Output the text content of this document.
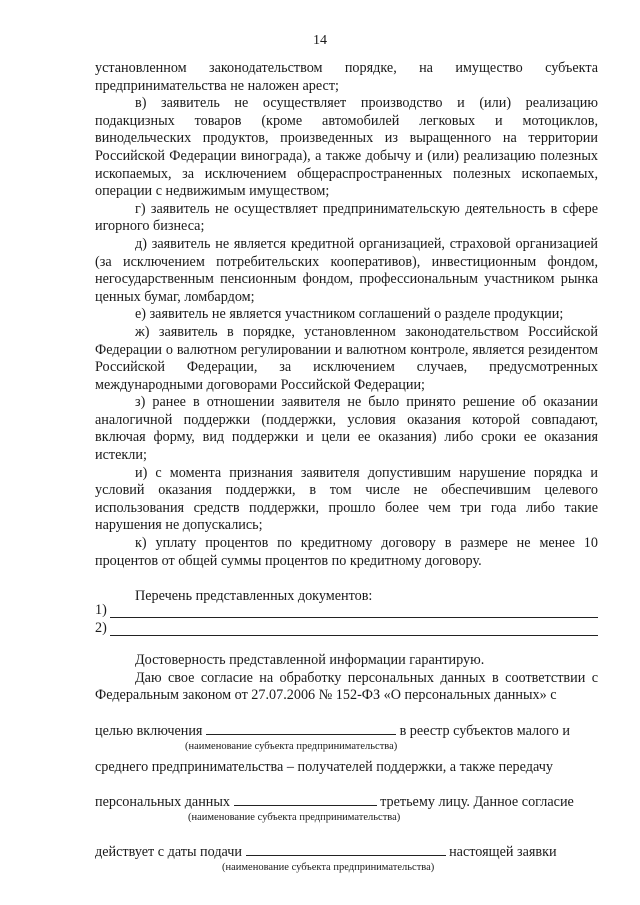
14
установленном законодательством порядке, на имущество субъекта предпринимательства не наложен арест;
в) заявитель не осуществляет производство и (или) реализацию подакцизных товаров (кроме автомобилей легковых и мотоциклов, винодельческих продуктов, произведенных из выращенного на территории Российской Федерации винограда), а также добычу и (или) реализацию полезных ископаемых, за исключением общераспространенных полезных ископаемых, операции с недвижимым имуществом;
г) заявитель не осуществляет предпринимательскую деятельность в сфере игорного бизнеса;
д) заявитель не является кредитной организацией, страховой организацией (за исключением потребительских кооперативов), инвестиционным фондом, негосударственным пенсионным фондом, профессиональным участником рынка ценных бумаг, ломбардом;
е) заявитель не является участником соглашений о разделе продукции;
ж) заявитель в порядке, установленном законодательством Российской Федерации о валютном регулировании и валютном контроле, является резидентом Российской Федерации, за исключением случаев, предусмотренных международными договорами Российской Федерации;
з) ранее в отношении заявителя не было принято решение об оказании аналогичной поддержки (поддержки, условия оказания которой совпадают, включая форму, вид поддержки и цели ее оказания) либо сроки ее оказания истекли;
и) с момента признания заявителя допустившим нарушение порядка и условий оказания поддержки, в том числе не обеспечившим целевого использования средств поддержки, прошло более чем три года либо такие нарушения не допускались;
к) уплату процентов по кредитному договору в размере не менее 10 процентов от общей суммы процентов по кредитному договору.
Перечень представленных документов:
1)
2)
Достоверность представленной информации гарантирую.
Даю свое согласие на обработку персональных данных в соответствии с Федеральным законом от 27.07.2006 № 152-ФЗ «О персональных данных» с
целью включения	в реестр субъектов малого и
(наименование субъекта предпринимательства)
среднего предпринимательства – получателей поддержки, а также передачу
персональных данных	третьему лицу. Данное согласие
(наименование субъекта предпринимательства)
действует с даты подачи	настоящей заявки
(наименование субъекта предпринимательства)
